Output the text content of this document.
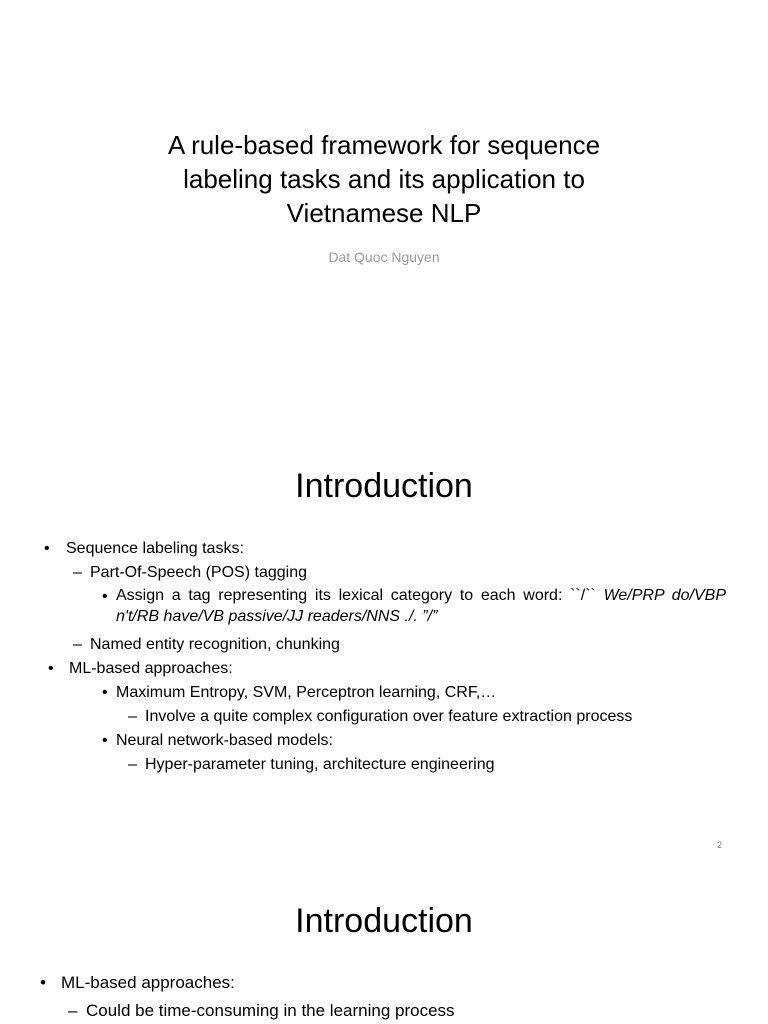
A rule-based framework for sequence
labeling tasks and its application to
Vietnamese NLP
Dat Quoc Nguyen
Introduction
• Sequence labeling tasks:
– Part-Of-Speech (POS) tagging
• Assign a tag representing its lexical category to each word: ``/`` We/PRP do/VBP n't/RB have/VB passive/JJ readers/NNS ./. ”/”
– Named entity recognition, chunking
• ML-based approaches:
• Maximum Entropy, SVM, Perceptron learning, CRF,…
– Involve a quite complex configuration over feature extraction process
• Neural network-based models:
– Hyper-parameter tuning, architecture engineering
2
Introduction
• ML-based approaches:
– Could be time-consuming in the learning process
